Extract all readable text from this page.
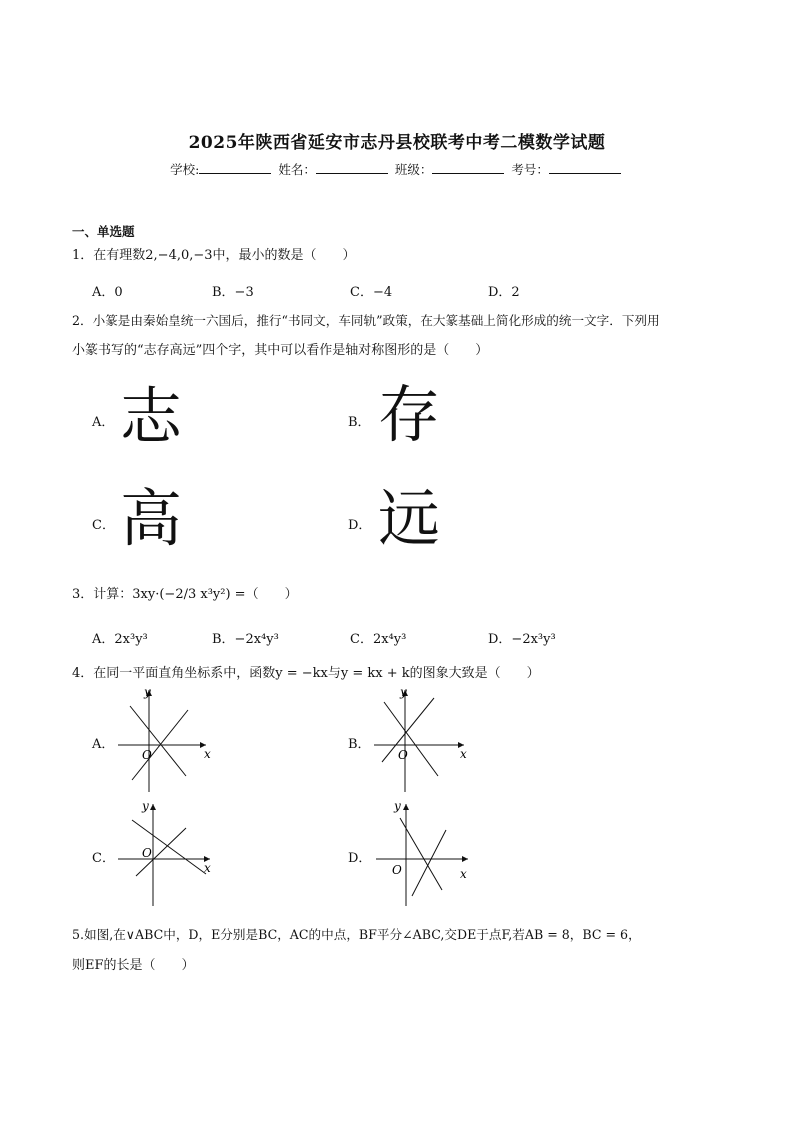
2025年陕西省延安市志丹县校联考中考二模数学试题
学校:	姓名：	班级：	考号：
一、单选题
1．在有理数2,−4,0,−3中，最小的数是（　　）
A．0	B．−3	C．−4	D．2
2．小篆是由秦始皇统一六国后，推行“书同文，车同轨”政策，在大篆基础上简化形成的统一文字．下列用
小篆书写的“志存高远”四个字，其中可以看作是轴对称图形的是（　　）
A． 志	B． 存
C． 高	D． 远
3．计算：3xy·(−2/3 x³y²) =（　　）
A．2x³y³	B．−2x⁴y³	C．2x⁴y³	D．−2x³y³
4．在同一平面直角坐标系中，函数y = −kx与y = kx + k的图象大致是（　　）
A．
O	x
y
B．
O	x
y
C． O
x
y
D．
O	x
y
5.如图,在∨ABC中，D，E分别是BC，AC的中点，BF平分∠ABC,交DE于点F,若AB = 8，BC = 6，
则EF的长是（　　）
